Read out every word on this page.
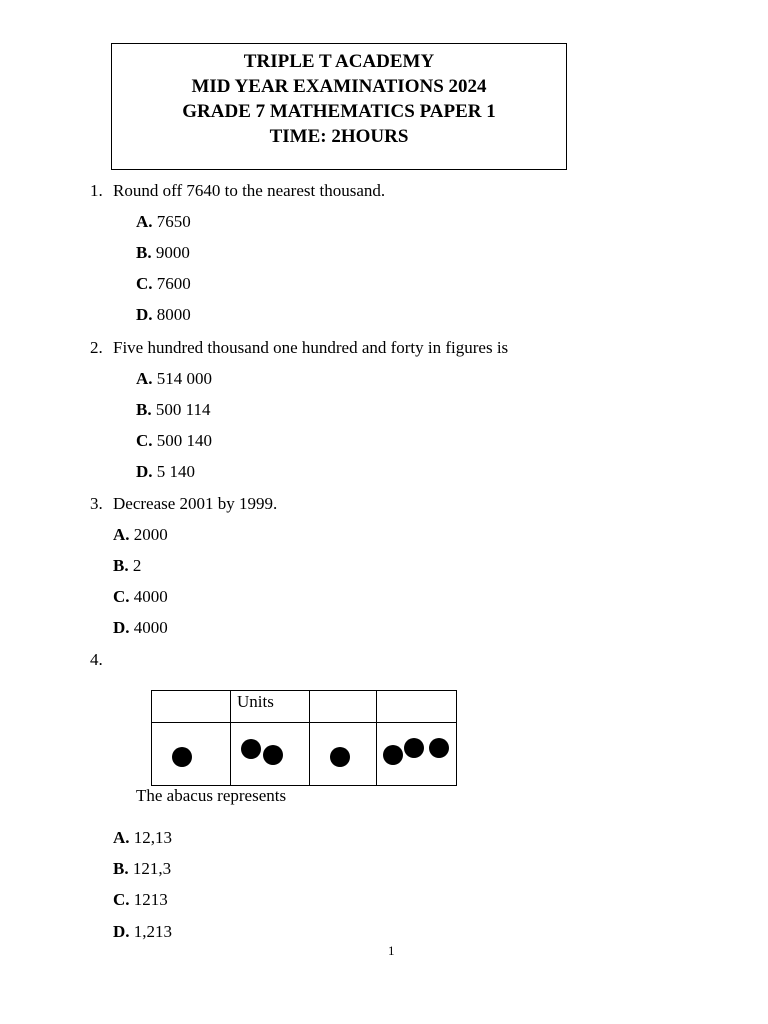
TRIPLE T ACADEMY
MID YEAR EXAMINATIONS 2024
GRADE 7 MATHEMATICS PAPER 1
TIME: 2HOURS
1. Round off 7640 to the nearest thousand.
A. 7650
B. 9000
C. 7600
D. 8000
2. Five hundred thousand one hundred and forty in figures is
A. 514 000
B. 500 114
C. 500 140
D. 5 140
3. Decrease 2001 by 1999.
A. 2000
B. 2
C. 4000
D. 4000
4.
	Units		

The abacus represents
A. 12,13
B. 121,3
C. 1213
D. 1,213
1
